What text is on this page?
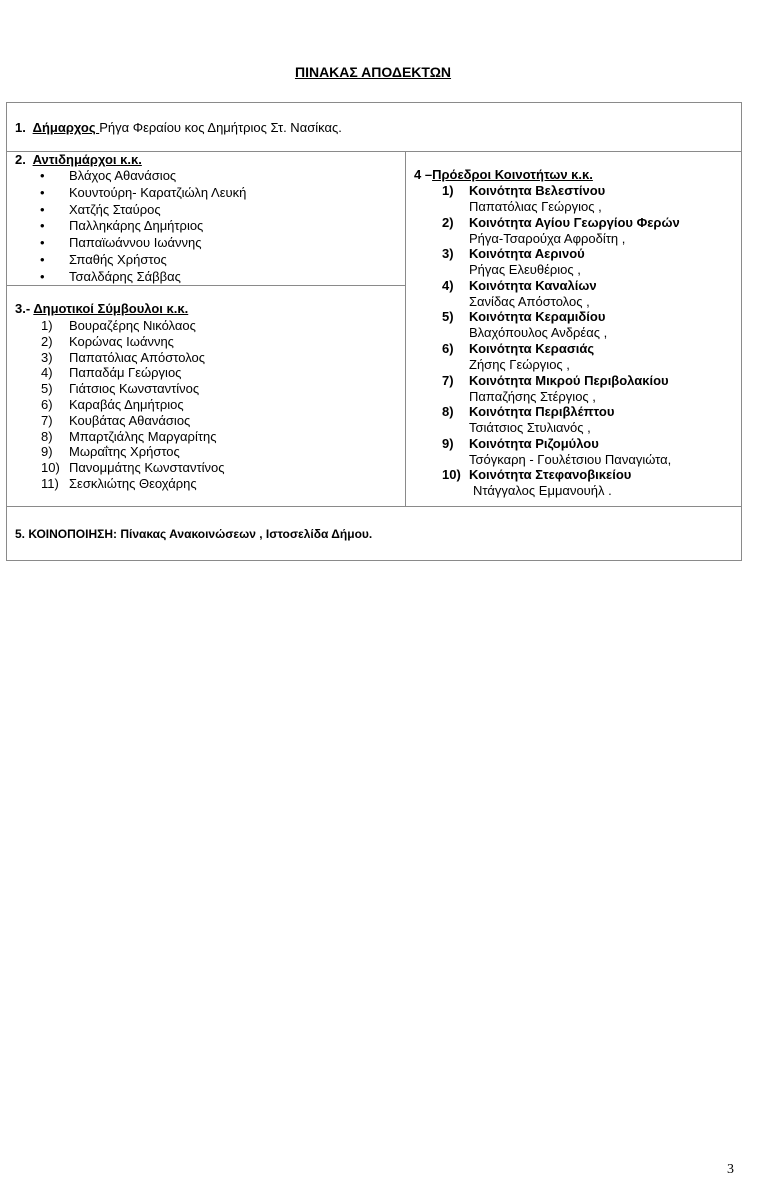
ΠΙΝΑΚΑΣ ΑΠΟΔΕΚΤΩΝ
1. Δήμαρχος Ρήγα Φεραίου κος Δημήτριος Στ. Νασίκας.
2. Αντιδημάρχοι κ.κ.
• Βλάχος Αθανάσιος
• Κουντούρη- Καρατζιώλη Λευκή
• Χατζής Σταύρος
• Παλληκάρης Δημήτριος
• Παπαϊωάννου Ιωάννης
• Σπαθής Χρήστος
• Τσαλδάρης Σάββας
3.- Δημοτικοί Σύμβουλοι κ.κ.
1) Βουραζέρης Νικόλαος
2) Κορώνας Ιωάννης
3) Παπατόλιας Απόστολος
4) Παπαδάμ Γεώργιος
5) Γιάτσιος Κωνσταντίνος
6) Καραβάς Δημήτριος
7) Κουβάτας Αθανάσιος
8) Μπαρτζιάλης Μαργαρίτης
9) Μωραΐτης Χρήστος
10) Πανομμάτης Κωνσταντίνος
11) Σεσκλιώτης Θεοχάρης
4 –Πρόεδροι Κοινοτήτων κ.κ.
1) Κοινότητα Βελεστίνου
Παπατόλιας Γεώργιος ,
2) Κοινότητα Αγίου Γεωργίου Φερών
Ρήγα-Τσαρούχα Αφροδίτη ,
3) Κοινότητα Αερινού
Ρήγας Ελευθέριος ,
4) Κοινότητα Καναλίων
Σανίδας Απόστολος ,
5) Κοινότητα Κεραμιδίου
Βλαχόπουλος Ανδρέας ,
6) Κοινότητα Κερασιάς
Ζήσης Γεώργιος ,
7) Κοινότητα Μικρού Περιβολακίου
Παπαζήσης Στέργιος ,
8) Κοινότητα Περιβλέπτου
Τσιάτσιος Στυλιανός ,
9) Κοινότητα Ριζομύλου
Τσόγκαρη - Γουλέτσιου Παναγιώτα,
10) Κοινότητα Στεφανοβικείου
Ντάγγαλος Εμμανουήλ .
5. ΚΟΙΝΟΠΟΙΗΣΗ: Πίνακας Ανακοινώσεων , Ιστοσελίδα Δήμου.
3
